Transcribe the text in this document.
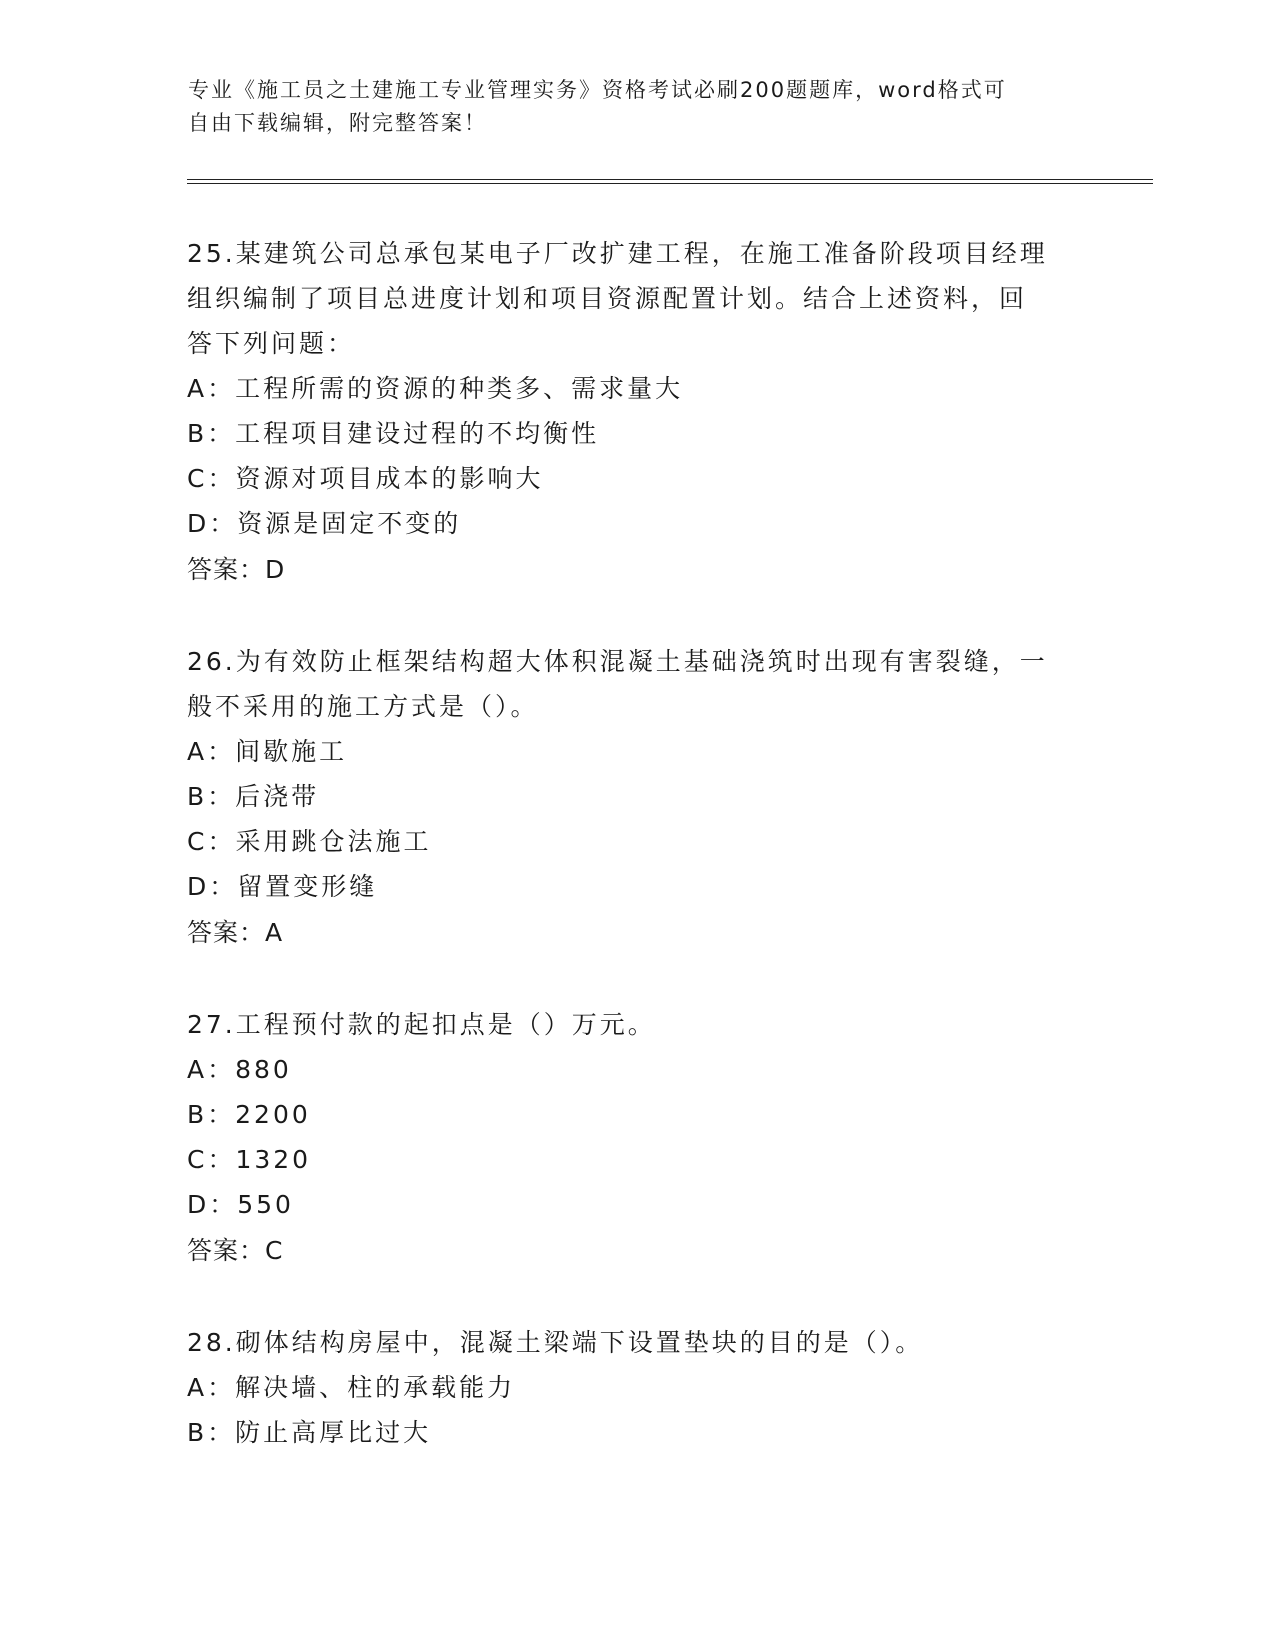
专业《施工员之土建施工专业管理实务》资格考试必刷200题题库，word格式可
自由下载编辑，附完整答案！
25.某建筑公司总承包某电子厂改扩建工程，在施工准备阶段项目经理
组织编制了项目总进度计划和项目资源配置计划。结合上述资料，回
答下列问题：
A：工程所需的资源的种类多、需求量大
B：工程项目建设过程的不均衡性
C：资源对项目成本的影响大
D：资源是固定不变的
答案：D
26.为有效防止框架结构超大体积混凝土基础浇筑时出现有害裂缝，一
般不采用的施工方式是（）。
A：间歇施工
B：后浇带
C：采用跳仓法施工
D：留置变形缝
答案：A
27.工程预付款的起扣点是（）万元。
A：880
B：2200
C：1320
D：550
答案：C
28.砌体结构房屋中，混凝土梁端下设置垫块的目的是（）。
A：解决墙、柱的承载能力
B：防止高厚比过大
